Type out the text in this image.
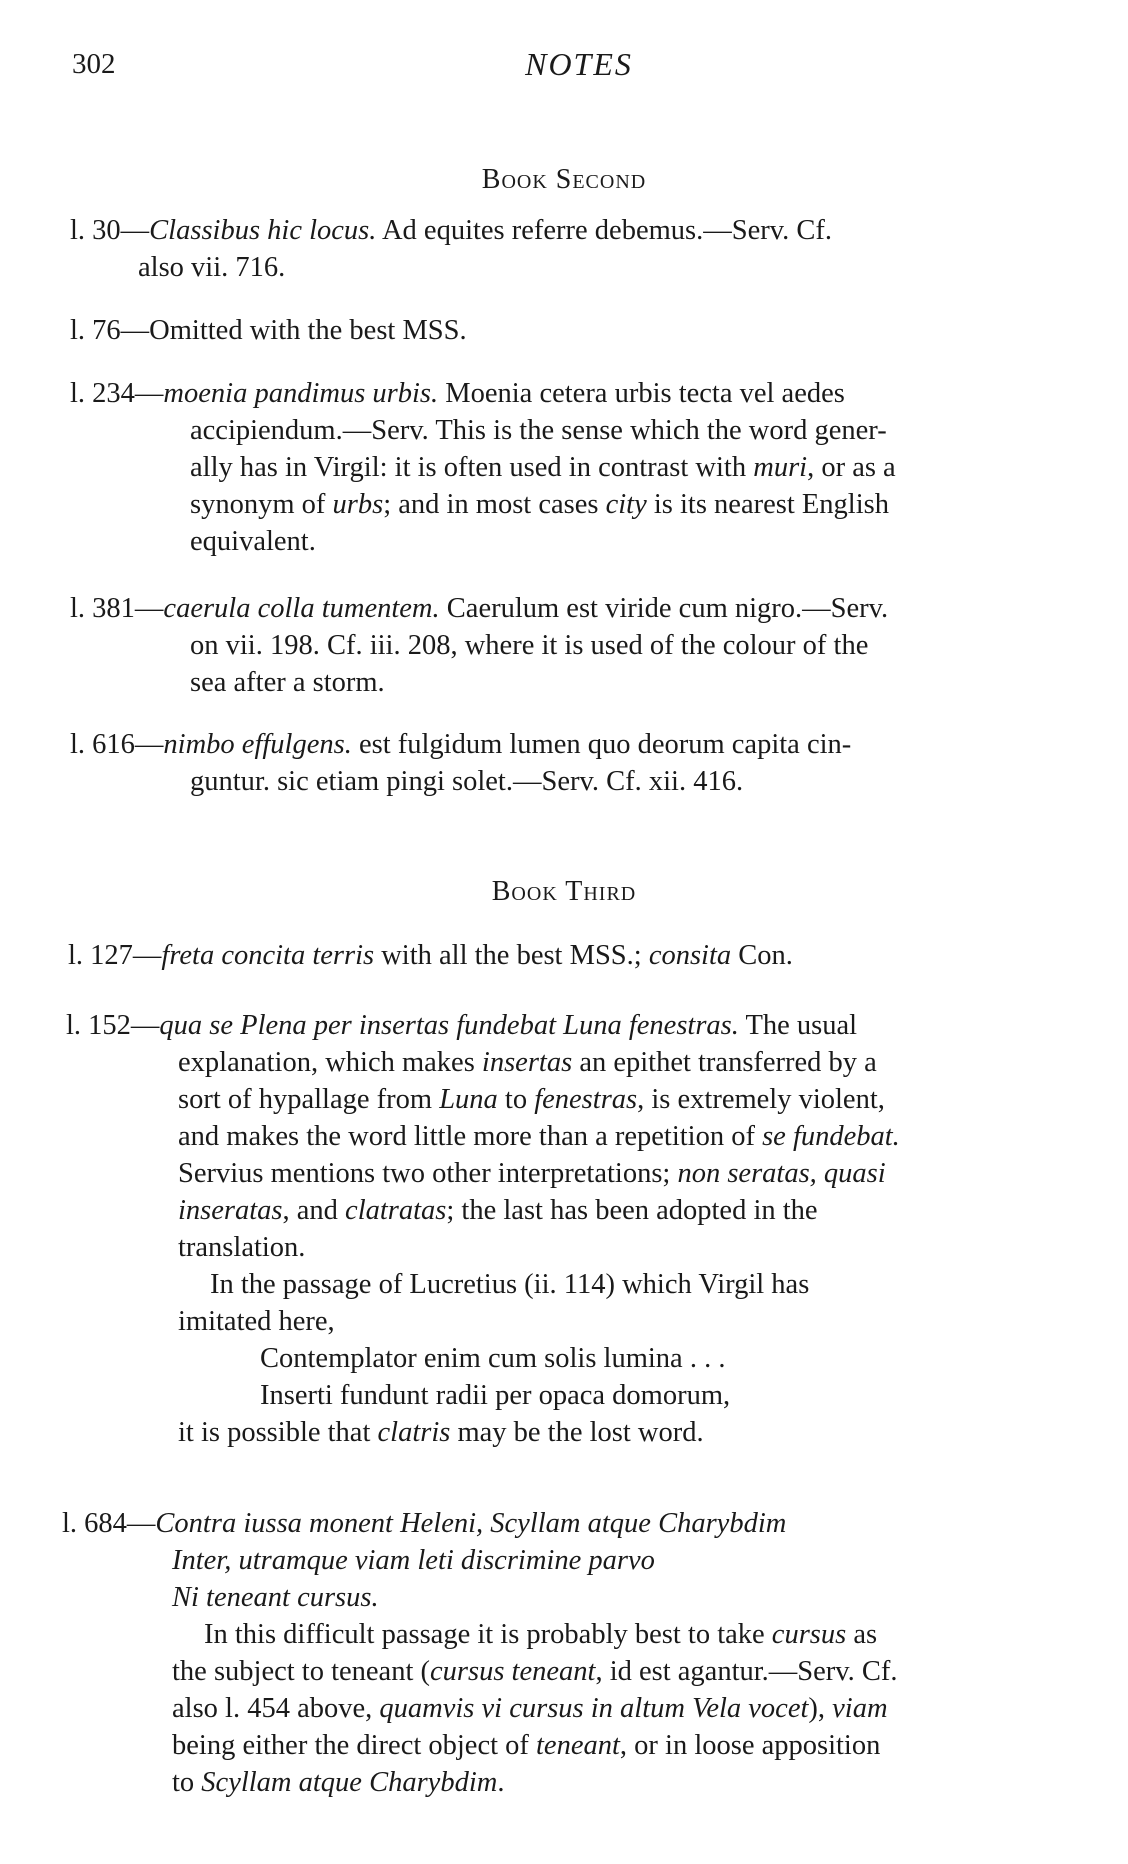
302	NOTES
Book Second
l. 30—Classibus hic locus. Ad equites referre debemus.—Serv. Cf.
also vii. 716.
l. 76—Omitted with the best MSS.
l. 234—moenia pandimus urbis. Moenia cetera urbis tecta vel aedes
accipiendum.—Serv. This is the sense which the word gener-
ally has in Virgil: it is often used in contrast with muri, or as a
synonym of urbs; and in most cases city is its nearest English
equivalent.
l. 381—caerula colla tumentem. Caerulum est viride cum nigro.—Serv.
on vii. 198. Cf. iii. 208, where it is used of the colour of the
sea after a storm.
l. 616—nimbo effulgens. est fulgidum lumen quo deorum capita cin-
guntur. sic etiam pingi solet.—Serv. Cf. xii. 416.
Book Third
l. 127—freta concita terris with all the best MSS.; consita Con.
l. 152—qua se Plena per insertas fundebat Luna fenestras. The usual
explanation, which makes insertas an epithet transferred by a
sort of hypallage from Luna to fenestras, is extremely violent,
and makes the word little more than a repetition of se fundebat.
Servius mentions two other interpretations; non seratas, quasi
inseratas, and clatratas; the last has been adopted in the
translation.
In the passage of Lucretius (ii. 114) which Virgil has
imitated here,
Contemplator enim cum solis lumina . . .
Inserti fundunt radii per opaca domorum,
it is possible that clatris may be the lost word.
l. 684—Contra iussa monent Heleni, Scyllam atque Charybdim
Inter, utramque viam leti discrimine parvo
Ni teneant cursus.
In this difficult passage it is probably best to take cursus as
the subject to teneant (cursus teneant, id est agantur.—Serv. Cf.
also l. 454 above, quamvis vi cursus in altum Vela vocet), viam
being either the direct object of teneant, or in loose apposition
to Scyllam atque Charybdim.
